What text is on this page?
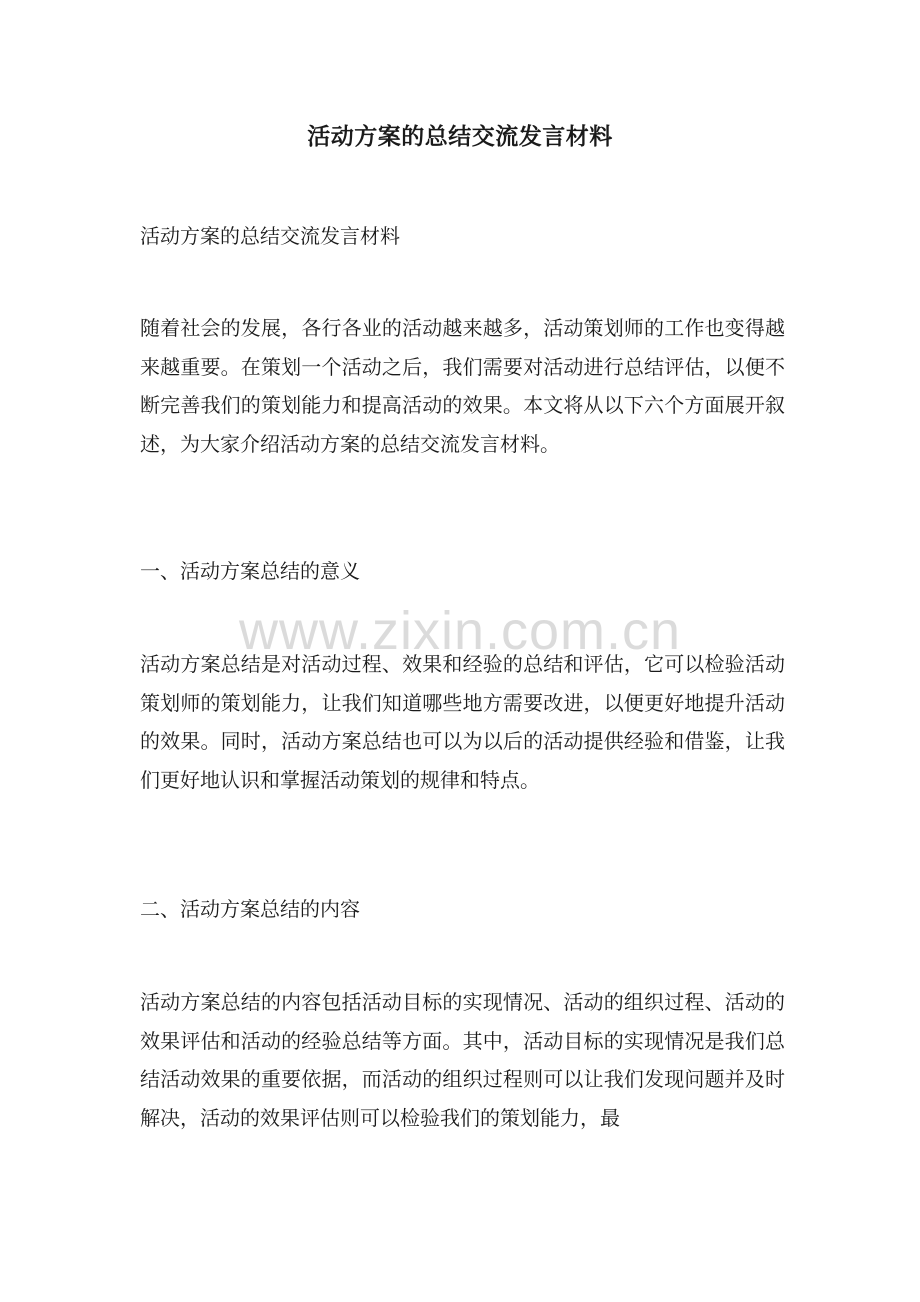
活动方案的总结交流发言材料
活动方案的总结交流发言材料

随着社会的发展，各行各业的活动越来越多，活动策划师的工作也变得越来越重要。在策划一个活动之后，我们需要对活动进行总结评估，以便不断完善我们的策划能力和提高活动的效果。本文将从以下六个方面展开叙述，为大家介绍活动方案的总结交流发言材料。

一、活动方案总结的意义

活动方案总结是对活动过程、效果和经验的总结和评估，它可以检验活动策划师的策划能力，让我们知道哪些地方需要改进，以便更好地提升活动的效果。同时，活动方案总结也可以为以后的活动提供经验和借鉴，让我们更好地认识和掌握活动策划的规律和特点。

二、活动方案总结的内容

活动方案总结的内容包括活动目标的实现情况、活动的组织过程、活动的效果评估和活动的经验总结等方面。其中，活动目标的实现情况是我们总结活动效果的重要依据，而活动的组织过程则可以让我们发现问题并及时解决，活动的效果评估则可以检验我们的策划能力，最

www.zixin.com.cn
